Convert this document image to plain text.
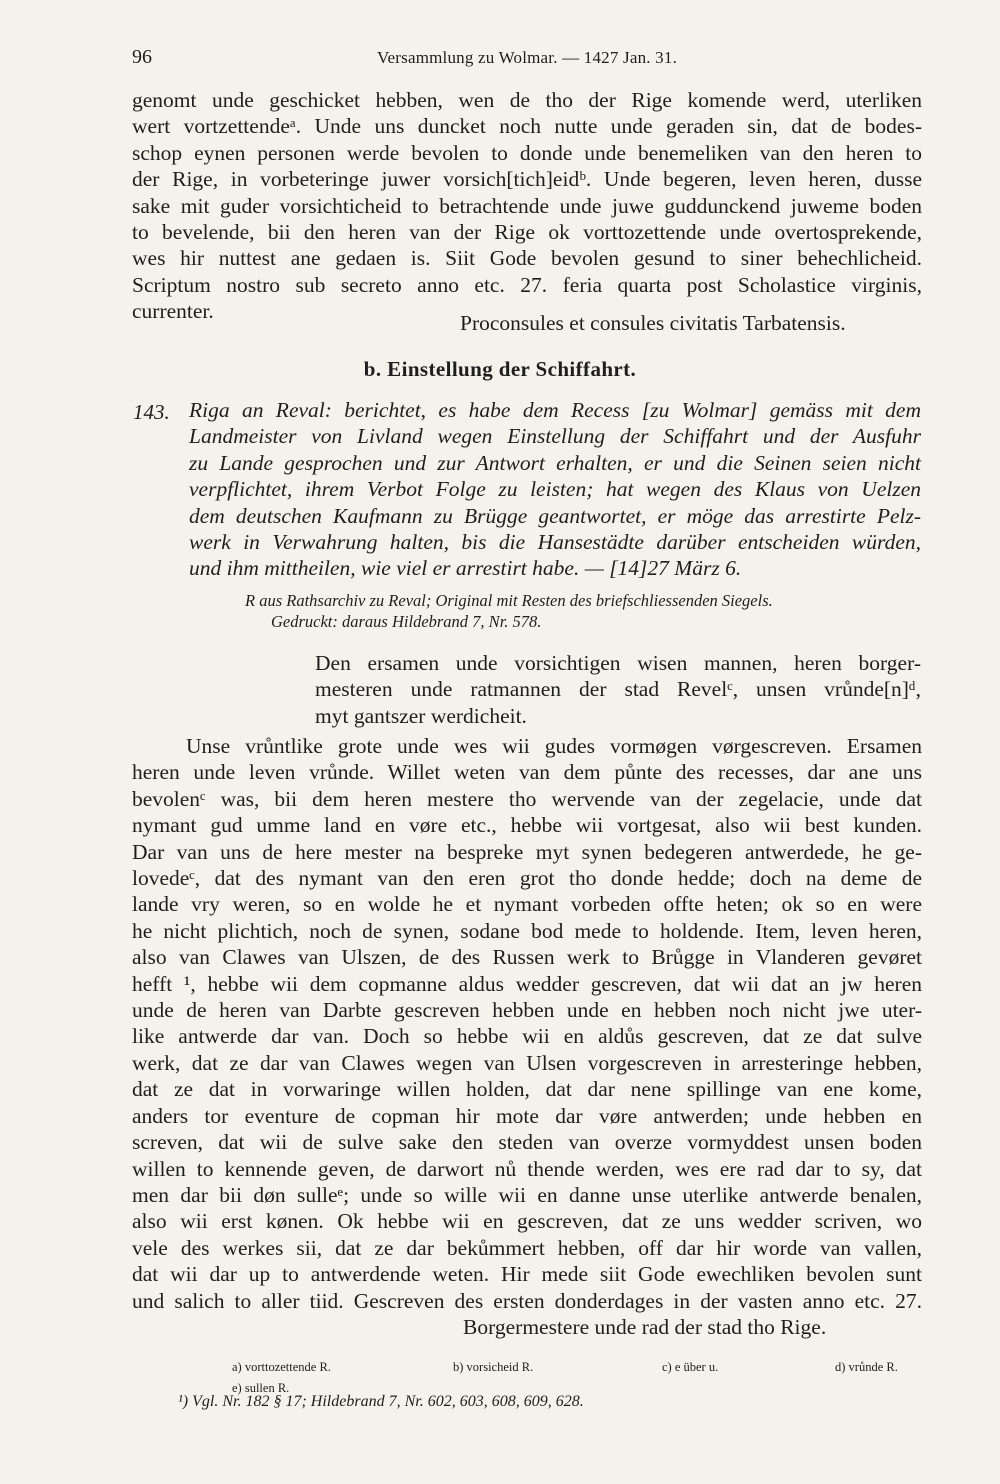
96	Versammlung zu Wolmar. — 1427 Jan. 31.
genomt unde geschicket hebben, wen de tho der Rige komende werd, uterliken
wert vortzettendeᵃ. Unde uns duncket noch nutte unde geraden sin, dat de bodes-
schop eynen personen werde bevolen to donde unde benemeliken van den heren to
der Rige, in vorbeteringe juwer vorsich[tich]eidᵇ. Unde begeren, leven heren, dusse
sake mit guder vorsichticheid to betrachtende unde juwe guddunckend juweme boden
to bevelende, bii den heren van der Rige ok vorttozettende unde overtosprekende,
wes hir nuttest ane gedaen is. Siit Gode bevolen gesund to siner behechlicheid.
Scriptum nostro sub secreto anno etc. 27. feria quarta post Scholastice virginis,
currenter.	Proconsules et consules civitatis Tarbatensis.
b. Einstellung der Schiffahrt.
143. Riga an Reval: berichtet, es habe dem Recess [zu Wolmar] gemäss mit dem
Landmeister von Livland wegen Einstellung der Schiffahrt und der Ausfuhr
zu Lande gesprochen und zur Antwort erhalten, er und die Seinen seien nicht
verpflichtet, ihrem Verbot Folge zu leisten; hat wegen des Klaus von Uelzen
dem deutschen Kaufmann zu Brügge geantwortet, er möge das arrestirte Pelz-
werk in Verwahrung halten, bis die Hansestädte darüber entscheiden würden,
und ihm mittheilen, wie viel er arrestirt habe. — [14]27 März 6.
R aus Rathsarchiv zu Reval; Original mit Resten des briefschliessenden Siegels.
Gedruckt: daraus Hildebrand 7, Nr. 578.
Den ersamen unde vorsichtigen wisen mannen, heren borger-
mesteren unde ratmannen der stad Revelᶜ, unsen vrůnde[n]ᵈ,
myt gantszer werdicheit.
Unse vrůntlike grote unde wes wii gudes vormøgen vørgescreven. Ersamen
heren unde leven vrůnde. Willet weten van dem půnte des recesses, dar ane uns
bevolenᶜ was, bii dem heren mestere tho wervende van der zegelacie, unde dat
nymant gud umme land en vøre etc., hebbe wii vortgesat, also wii best kunden.
Dar van uns de here mester na bespreke myt synen bedegeren antwerdede, he ge-
lovedeᶜ, dat des nymant van den eren grot tho donde hedde; doch na deme de
lande vry weren, so en wolde he et nymant vorbeden offte heten; ok so en were
he nicht plichtich, noch de synen, sodane bod mede to holdende. Item, leven heren,
also van Clawes van Ulszen, de des Russen werk to Brůgge in Vlanderen gevøret
hefft ¹, hebbe wii dem copmanne aldus wedder gescreven, dat wii dat an jw heren
unde de heren van Darbte gescreven hebben unde en hebben noch nicht jwe uter-
like antwerde dar van. Doch so hebbe wii en aldůs gescreven, dat ze dat sulve
werk, dat ze dar van Clawes wegen van Ulsen vorgescreven in arresteringe hebben,
dat ze dat in vorwaringe willen holden, dat dar nene spillinge van ene kome,
anders tor eventure de copman hir mote dar vøre antwerden; unde hebben en
screven, dat wii de sulve sake den steden van overze vormyddest unsen boden
willen to kennende geven, de darwort nů thende werden, wes ere rad dar to sy, dat
men dar bii døn sulleᵉ; unde so wille wii en danne unse uterlike antwerde benalen,
also wii erst kønen. Ok hebbe wii en gescreven, dat ze uns wedder scriven, wo
vele des werkes sii, dat ze dar bekůmmert hebben, off dar hir worde van vallen,
dat wii dar up to antwerdende weten. Hir mede siit Gode ewechliken bevolen sunt
und salich to aller tiid. Gescreven des ersten donderdages in der vasten anno etc. 27.
Borgermestere unde rad der stad tho Rige.
a) vorttozettende R.	b) vorsicheid R.	c) e über u.	d) vrůnde R.
e) sullen R.
¹) Vgl. Nr. 182 § 17; Hildebrand 7, Nr. 602, 603, 608, 609, 628.
